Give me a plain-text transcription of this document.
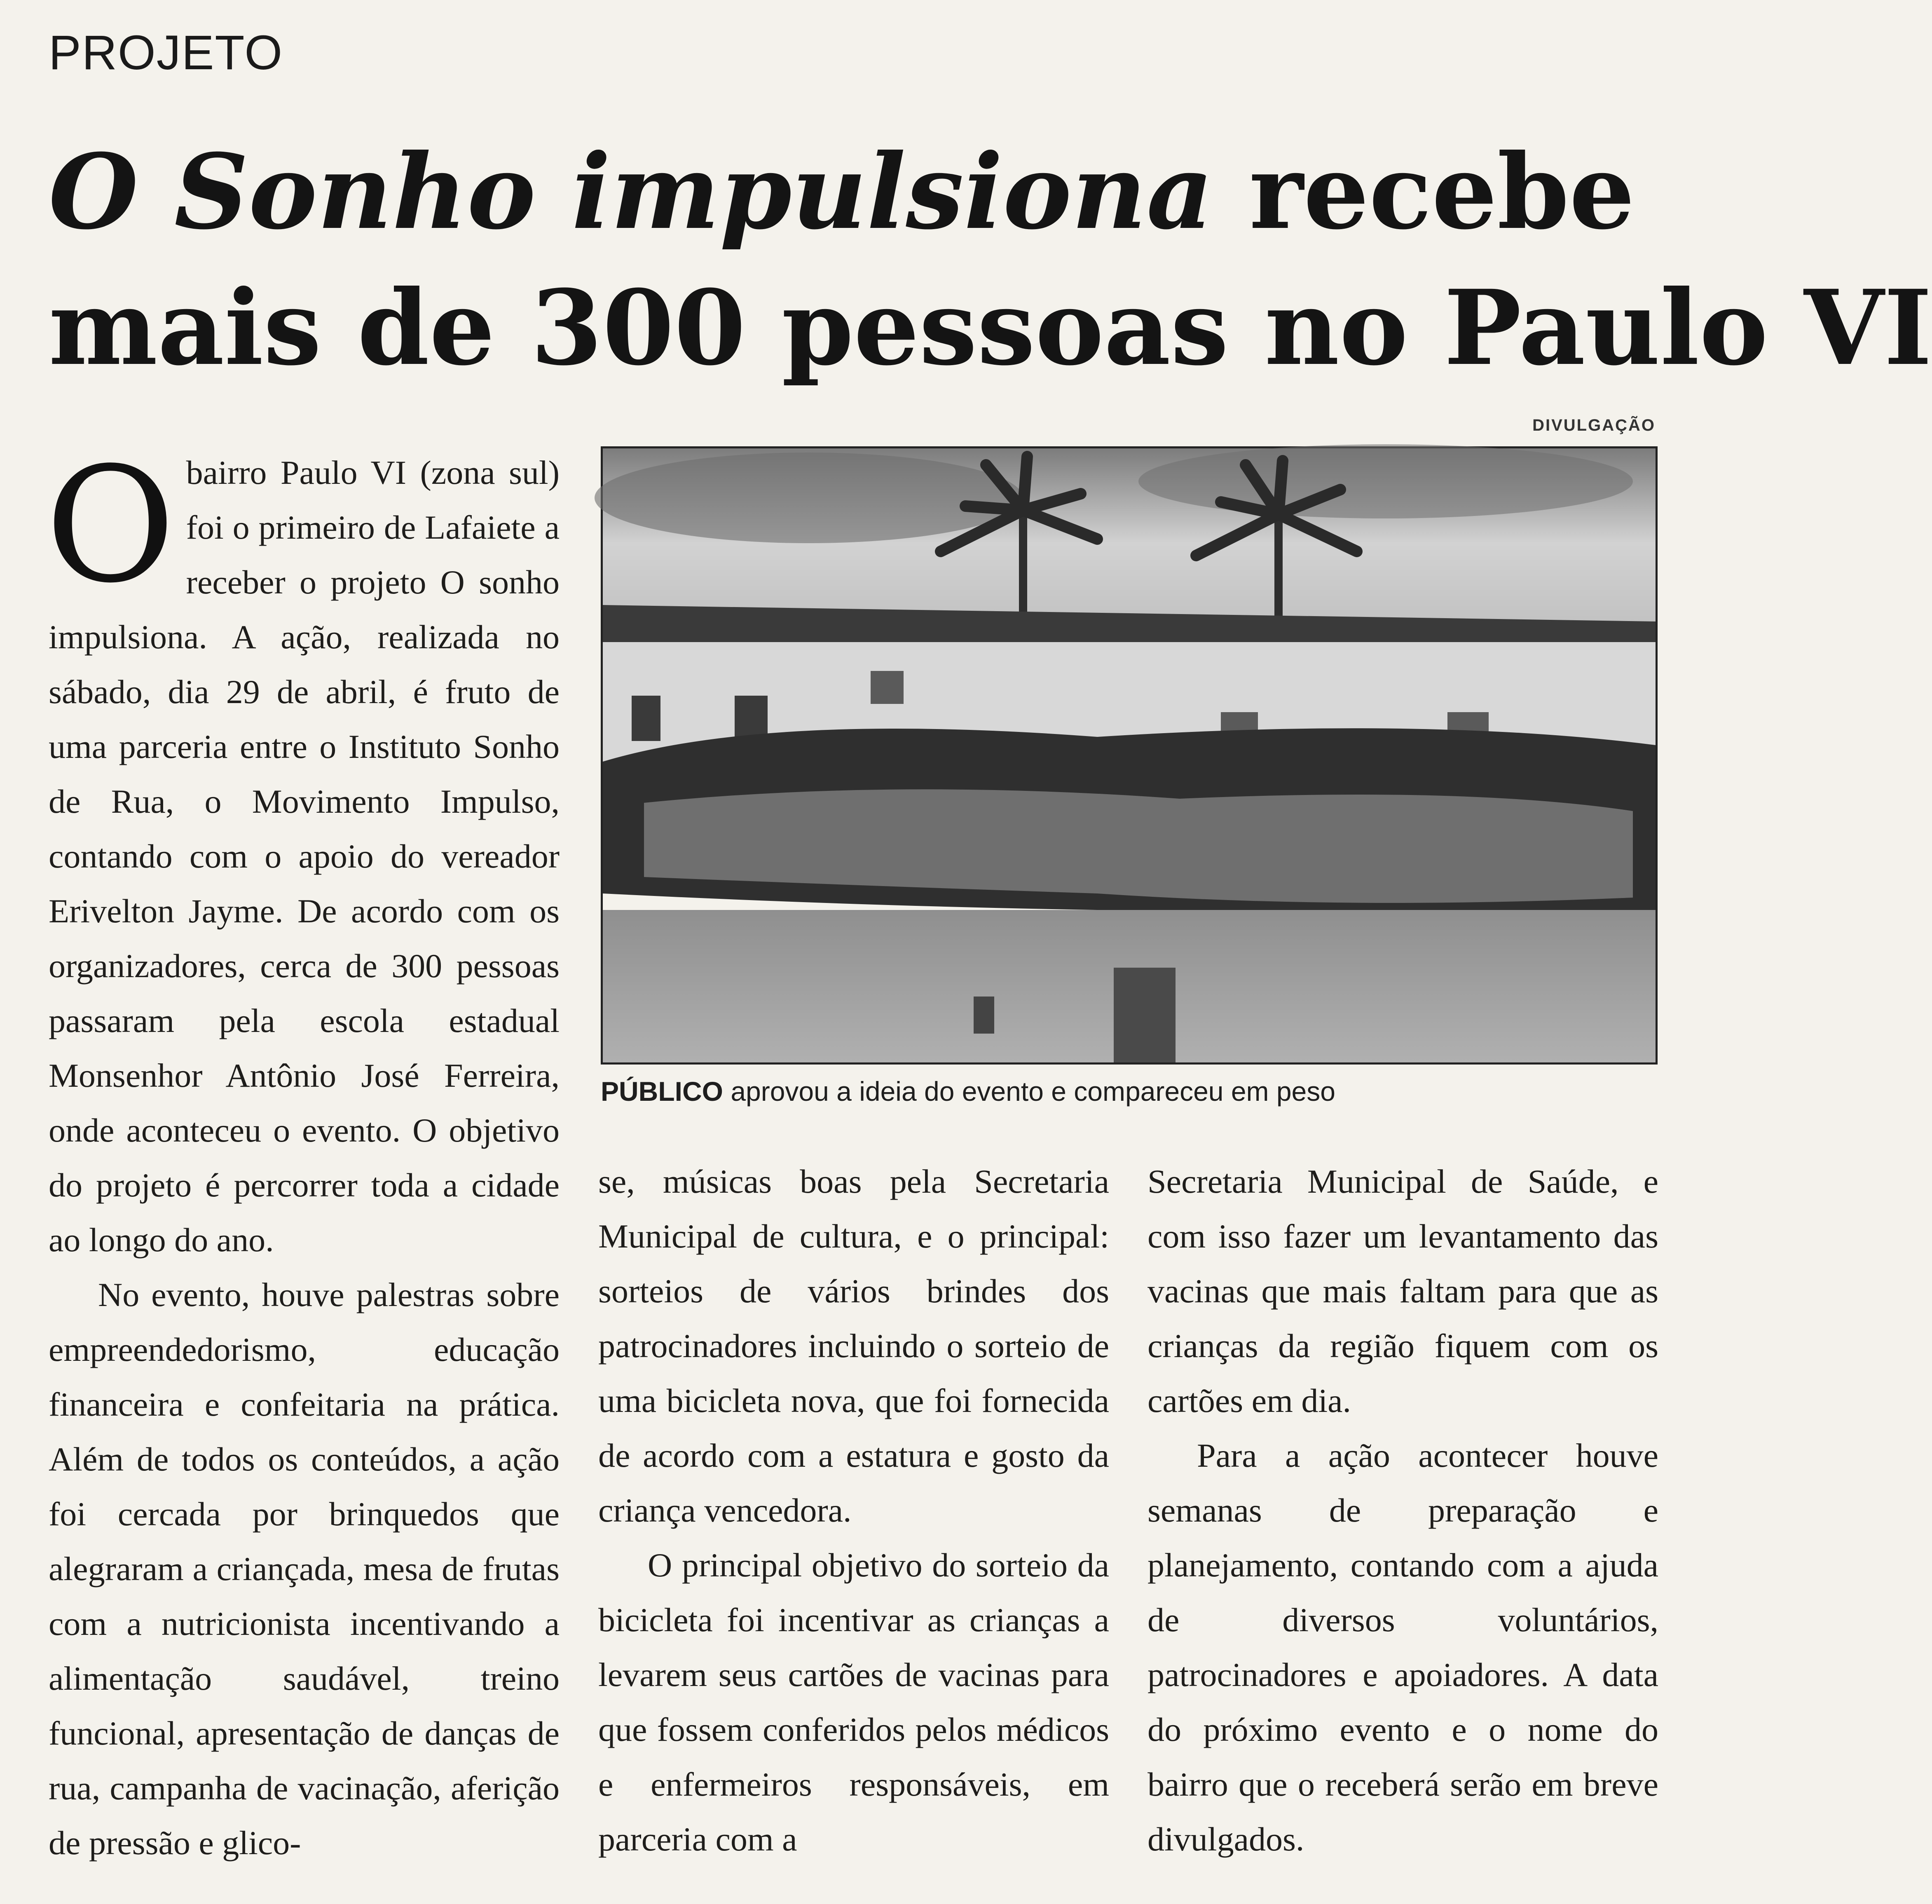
PROJETO
O Sonho impulsiona recebe
mais de 300 pessoas no Paulo VI

Obairro Paulo VI (zona sul) foi o primeiro de Lafaiete a receber o projeto O sonho impulsiona. A ação, realizada no sábado, dia 29 de abril, é fruto de uma parceria entre o Instituto Sonho de Rua, o Movimento Impulso, contando com o apoio do vereador Erivelton Jayme. De acordo com os organizadores, cerca de 300 pessoas passaram pela escola estadual Monsenhor Antônio José Ferreira, onde aconteceu o evento. O objetivo do projeto é percorrer toda a cidade ao longo do ano.

No evento, houve palestras sobre empreendedorismo, educação financeira e confeitaria na prática. Além de todos os conteúdos, a ação foi cercada por brinquedos que alegraram a criançada, mesa de frutas com a nutricionista incentivando a alimentação saudável, treino funcional, apresentação de danças de rua, campanha de vacinação, aferição de pressão e glico-

DIVULGAÇÃO
PÚBLICO aprovou a ideia do evento e compareceu em peso

se, músicas boas pela Secretaria Municipal de cultura, e o principal: sorteios de vários brindes dos patrocinadores incluindo o sorteio de uma bicicleta nova, que foi fornecida de acordo com a estatura e gosto da criança vencedora.

O principal objetivo do sorteio da bicicleta foi incentivar as crianças a levarem seus cartões de vacinas para que fossem conferidos pelos médicos e enfermeiros responsáveis, em parceria com a

Secretaria Municipal de Saúde, e com isso fazer um levantamento das vacinas que mais faltam para que as crianças da região fiquem com os cartões em dia.

Para a ação acontecer houve semanas de preparação e planejamento, contando com a ajuda de diversos voluntários, patrocinadores e apoiadores. A data do próximo evento e o nome do bairro que o receberá serão em breve divulgados.
